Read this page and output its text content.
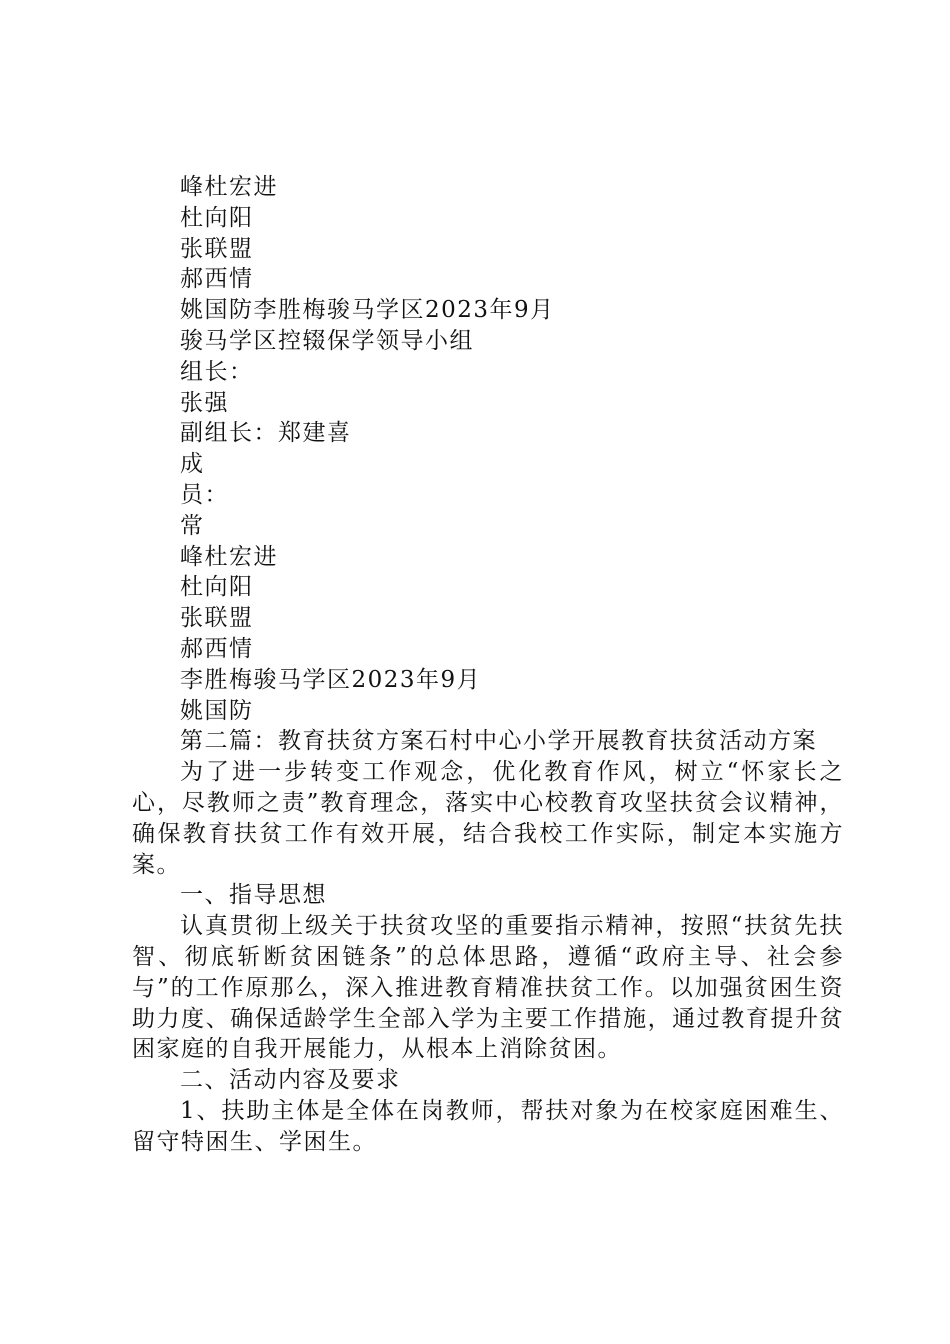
峰杜宏进
杜向阳
张联盟
郝西情
姚国防李胜梅骏马学区2023年9月
骏马学区控辍保学领导小组
组长：
张强
副组长：郑建喜
成
员：
常
峰杜宏进
杜向阳
张联盟
郝西情
李胜梅骏马学区2023年9月
姚国防

第二篇：教育扶贫方案石村中心小学开展教育扶贫活动方案

为了进一步转变工作观念，优化教育作风，树立“怀家长之心，尽教师之责”教育理念，落实中心校教育攻坚扶贫会议精神，确保教育扶贫工作有效开展，结合我校工作实际，制定本实施方案。

一、指导思想

认真贯彻上级关于扶贫攻坚的重要指示精神，按照“扶贫先扶智、彻底斩断贫困链条”的总体思路，遵循“政府主导、社会参与”的工作原那么，深入推进教育精准扶贫工作。以加强贫困生资助力度、确保适龄学生全部入学为主要工作措施，通过教育提升贫困家庭的自我开展能力，从根本上消除贫困。

二、活动内容及要求

1、扶助主体是全体在岗教师，帮扶对象为在校家庭困难生、留守特困生、学困生。
